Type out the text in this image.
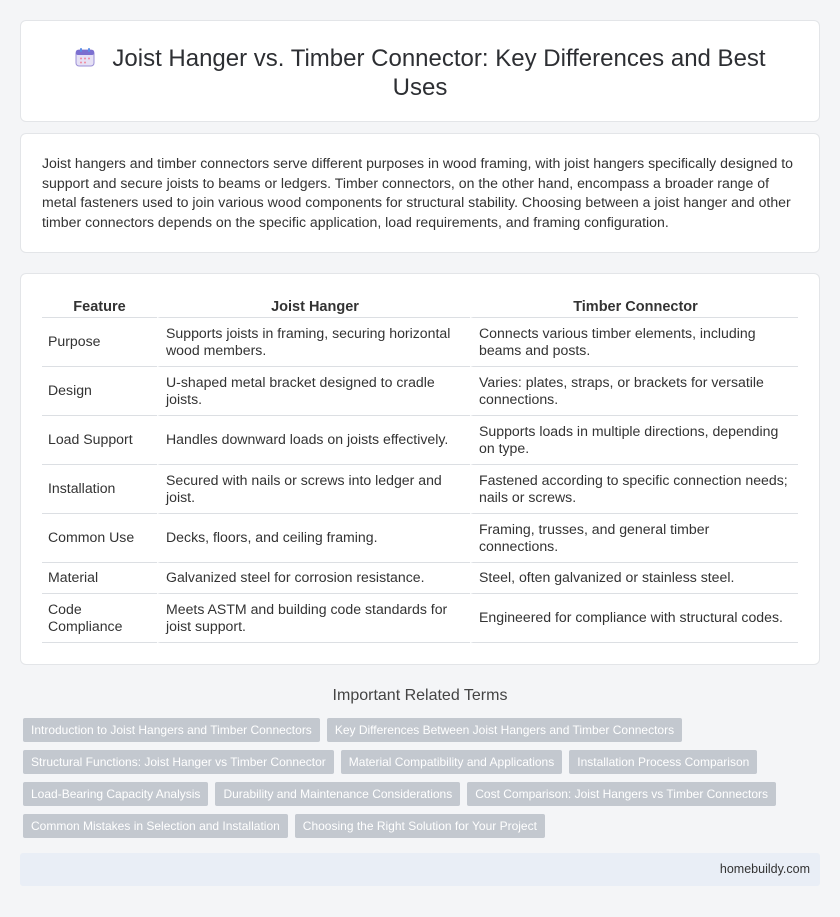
Joist Hanger vs. Timber Connector: Key Differences and Best Uses

Joist hangers and timber connectors serve different purposes in wood framing, with joist hangers specifically designed to support and secure joists to beams or ledgers. Timber connectors, on the other hand, encompass a broader range of metal fasteners used to join various wood components for structural stability. Choosing between a joist hanger and other timber connectors depends on the specific application, load requirements, and framing configuration.

Feature	Joist Hanger	Timber Connector
Purpose	Supports joists in framing, securing horizontal wood members.	Connects various timber elements, including beams and posts.
Design	U-shaped metal bracket designed to cradle joists.	Varies: plates, straps, or brackets for versatile connections.
Load Support	Handles downward loads on joists effectively.	Supports loads in multiple directions, depending on type.
Installation	Secured with nails or screws into ledger and joist.	Fastened according to specific connection needs; nails or screws.
Common Use	Decks, floors, and ceiling framing.	Framing, trusses, and general timber connections.
Material	Galvanized steel for corrosion resistance.	Steel, often galvanized or stainless steel.
Code Compliance	Meets ASTM and building code standards for joist support.	Engineered for compliance with structural codes.
Important Related Terms
Introduction to Joist Hangers and Timber Connectors	Key Differences Between Joist Hangers and Timber Connectors
Structural Functions: Joist Hanger vs Timber Connector	Material Compatibility and Applications	Installation Process Comparison
Load-Bearing Capacity Analysis	Durability and Maintenance Considerations	Cost Comparison: Joist Hangers vs Timber Connectors
Common Mistakes in Selection and Installation	Choosing the Right Solution for Your Project
homebuildy.com
